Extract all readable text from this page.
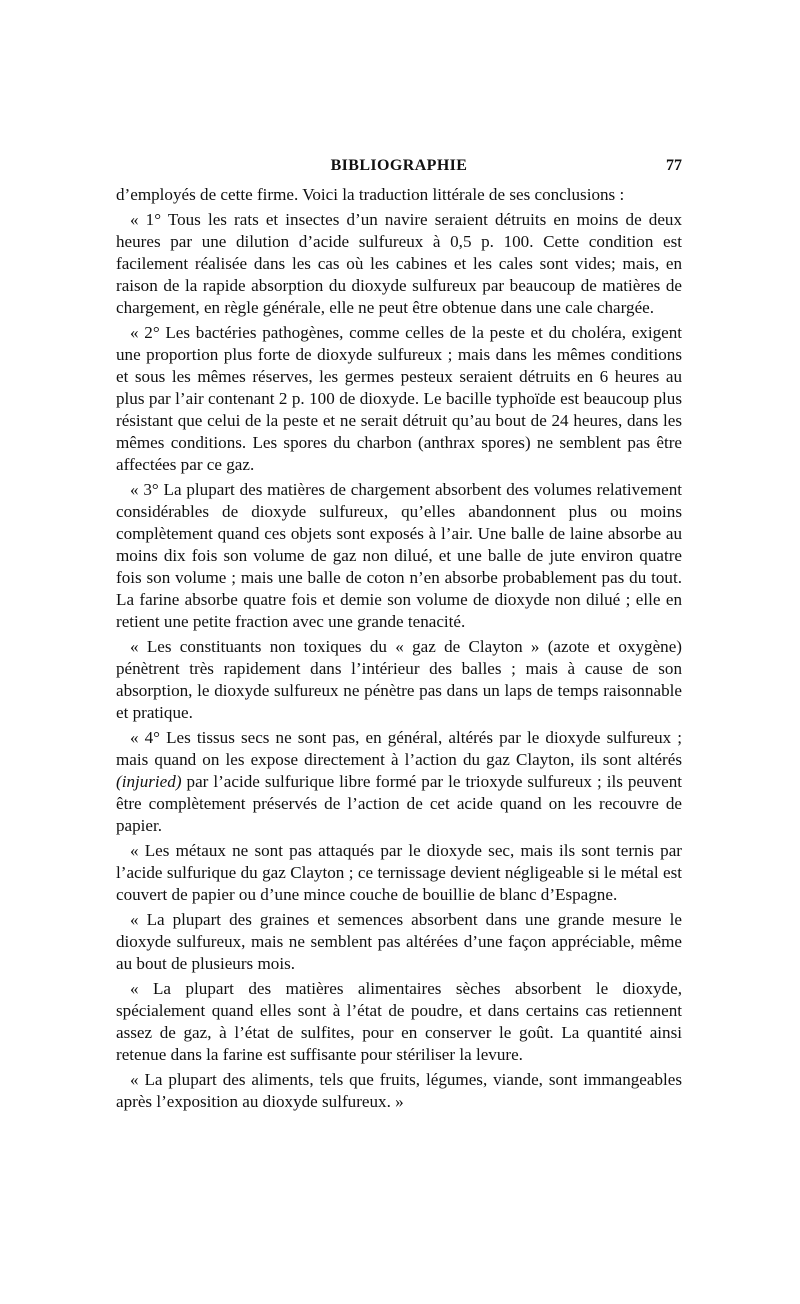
BIBLIOGRAPHIE	77

d’employés de cette firme. Voici la traduction littérale de ses conclusions :

« 1° Tous les rats et insectes d’un navire seraient détruits en moins de deux heures par une dilution d’acide sulfureux à 0,5 p. 100. Cette condition est facilement réalisée dans les cas où les cabines et les cales sont vides; mais, en raison de la rapide absorption du dioxyde sulfureux par beaucoup de matières de chargement, en règle générale, elle ne peut être obtenue dans une cale chargée.

« 2° Les bactéries pathogènes, comme celles de la peste et du choléra, exigent une proportion plus forte de dioxyde sulfureux ; mais dans les mêmes conditions et sous les mêmes réserves, les germes pesteux seraient détruits en 6 heures au plus par l’air contenant 2 p. 100 de dioxyde. Le bacille typhoïde est beaucoup plus résistant que celui de la peste et ne serait détruit qu’au bout de 24 heures, dans les mêmes conditions. Les spores du charbon (anthrax spores) ne semblent pas être affectées par ce gaz.

« 3° La plupart des matières de chargement absorbent des volumes relativement considérables de dioxyde sulfureux, qu’elles abandonnent plus ou moins complètement quand ces objets sont exposés à l’air. Une balle de laine absorbe au moins dix fois son volume de gaz non dilué, et une balle de jute environ quatre fois son volume ; mais une balle de coton n’en absorbe probablement pas du tout. La farine absorbe quatre fois et demie son volume de dioxyde non dilué ; elle en retient une petite fraction avec une grande tenacité.

« Les constituants non toxiques du « gaz de Clayton » (azote et oxygène) pénètrent très rapidement dans l’intérieur des balles ; mais à cause de son absorption, le dioxyde sulfureux ne pénètre pas dans un laps de temps raisonnable et pratique.

« 4° Les tissus secs ne sont pas, en général, altérés par le dioxyde sulfureux ; mais quand on les expose directement à l’action du gaz Clayton, ils sont altérés (injuried) par l’acide sulfurique libre formé par le trioxyde sulfureux ; ils peuvent être complètement préservés de l’action de cet acide quand on les recouvre de papier.

« Les métaux ne sont pas attaqués par le dioxyde sec, mais ils sont ternis par l’acide sulfurique du gaz Clayton ; ce ternissage devient négligeable si le métal est couvert de papier ou d’une mince couche de bouillie de blanc d’Espagne.

« La plupart des graines et semences absorbent dans une grande mesure le dioxyde sulfureux, mais ne semblent pas altérées d’une façon appréciable, même au bout de plusieurs mois.

« La plupart des matières alimentaires sèches absorbent le dioxyde, spécialement quand elles sont à l’état de poudre, et dans certains cas retiennent assez de gaz, à l’état de sulfites, pour en conserver le goût. La quantité ainsi retenue dans la farine est suffisante pour stériliser la levure.

« La plupart des aliments, tels que fruits, légumes, viande, sont immangeables après l’exposition au dioxyde sulfureux. »
